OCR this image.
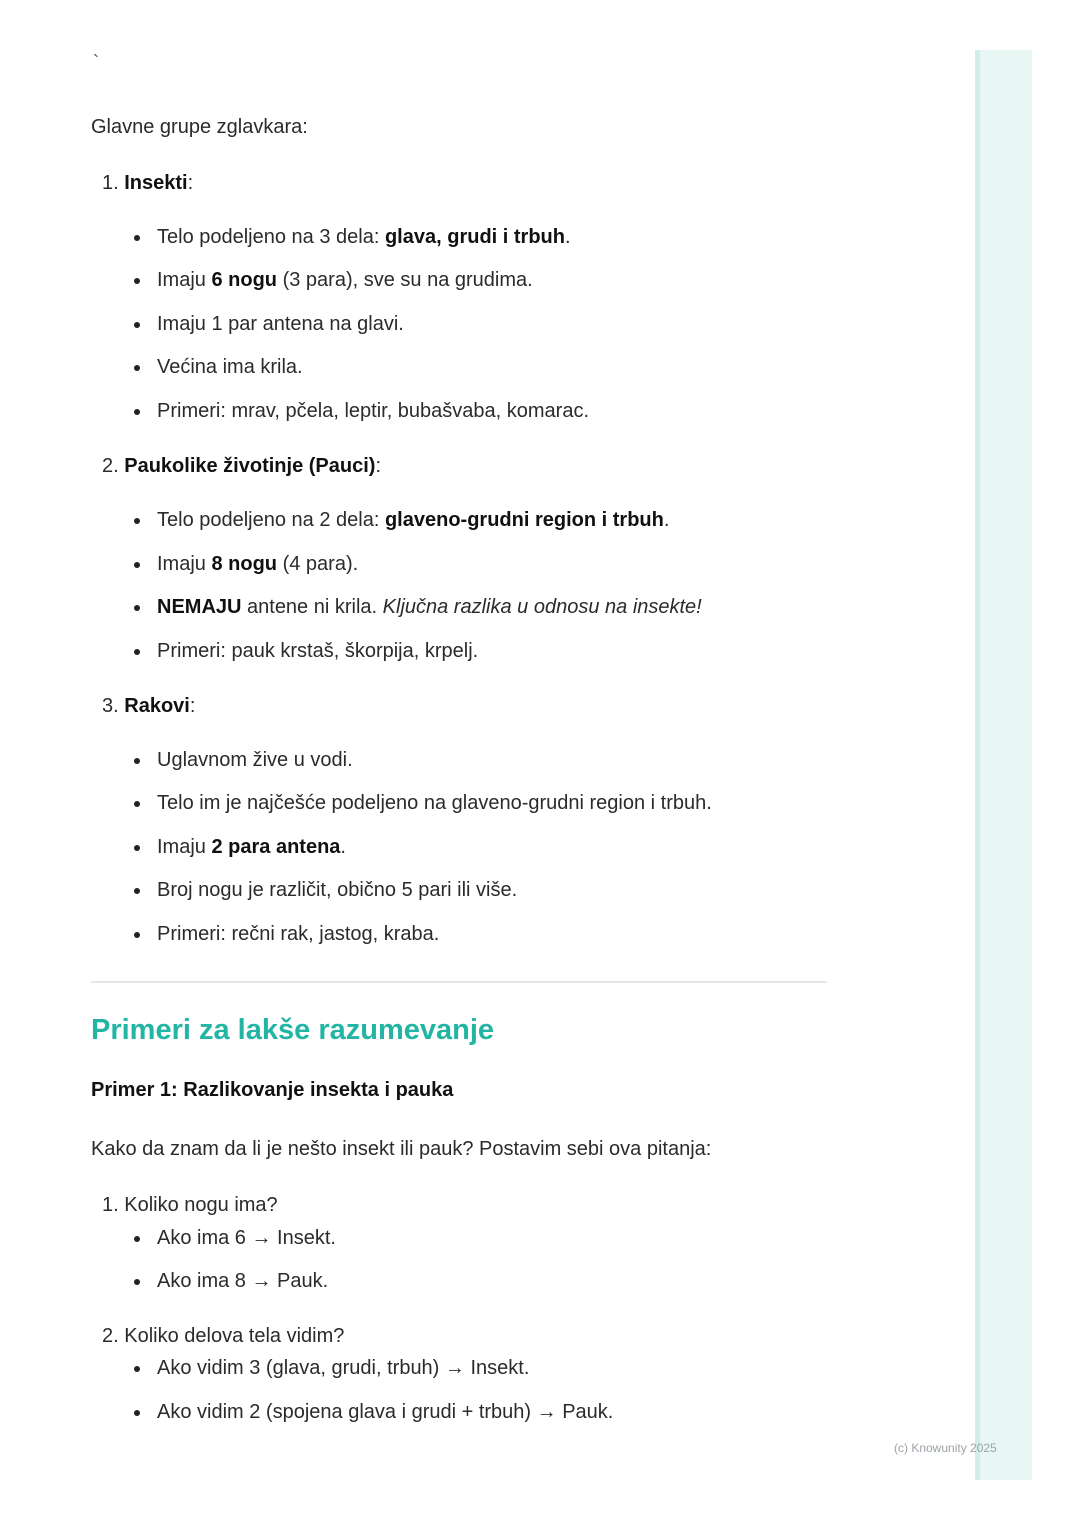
`

Glavne grupe zglavkara:

1. Insekti:

Telo podeljeno na 3 dela: glava, grudi i trbuh.

Imaju 6 nogu (3 para), sve su na grudima.

Imaju 1 par antena na glavi.

Većina ima krila.

Primeri: mrav, pčela, leptir, bubašvaba, komarac.

2. Paukolike životinje (Pauci):

Telo podeljeno na 2 dela: glaveno-grudni region i trbuh.

Imaju 8 nogu (4 para).

NEMAJU antene ni krila. Ključna razlika u odnosu na insekte!

Primeri: pauk krstaš, škorpija, krpelj.

3. Rakovi:

Uglavnom žive u vodi.

Telo im je najčešće podeljeno na glaveno-grudni region i trbuh.

Imaju 2 para antena.

Broj nogu je različit, obično 5 pari ili više.

Primeri: rečni rak, jastog, kraba.

Primeri za lakše razumevanje
Primer 1: Razlikovanje insekta i pauka

Kako da znam da li je nešto insekt ili pauk? Postavim sebi ova pitanja:

1. Koliko nogu ima?

Ako ima 6 → Insekt.

Ako ima 8 → Pauk.

2. Koliko delova tela vidim?

Ako vidim 3 (glava, grudi, trbuh) → Insekt.

Ako vidim 2 (spojena glava i grudi + trbuh) → Pauk.

(c) Knowunity 2025
